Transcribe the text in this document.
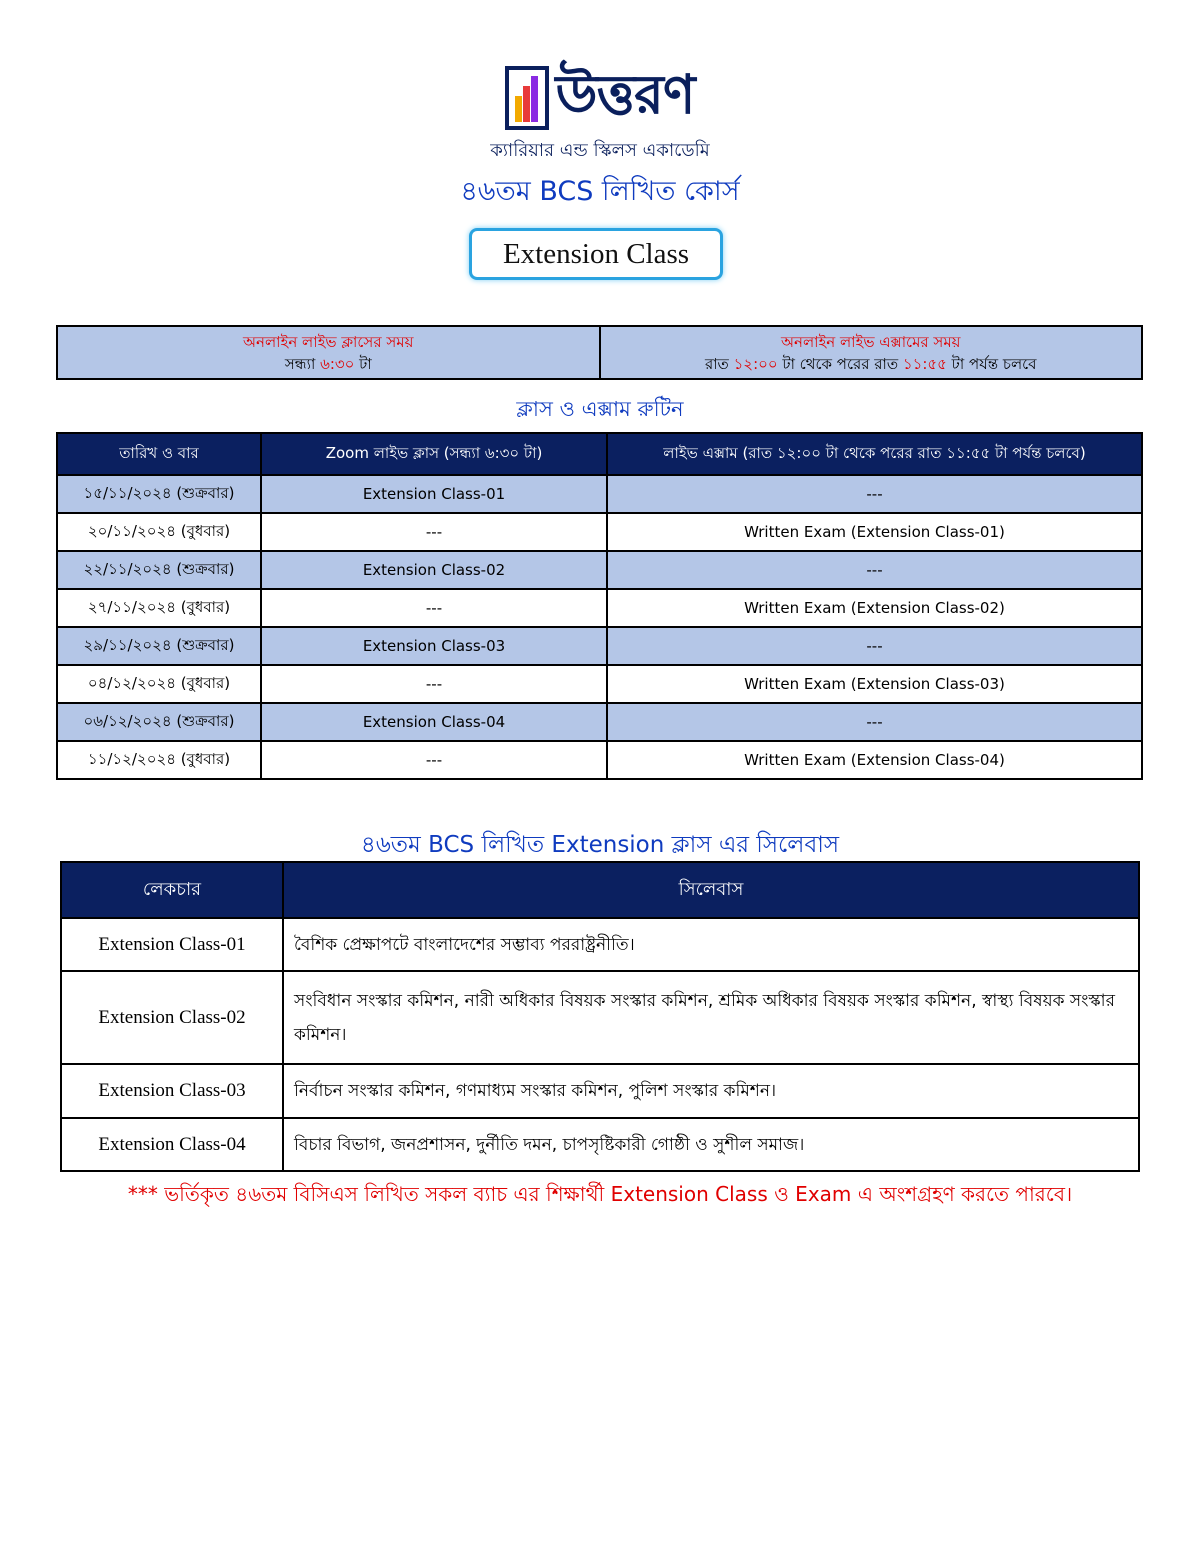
উত্তরণ
ক্যারিয়ার এন্ড স্কিলস একাডেমি
৪৬তম BCS লিখিত কোর্স
Extension Class
অনলাইন লাইভ ক্লাসের সময়
সন্ধ্যা ৬:৩০ টা
অনলাইন লাইভ এক্সামের সময়
রাত ১২:০০ টা থেকে পরের রাত ১১:৫৫ টা পর্যন্ত চলবে
ক্লাস ও এক্সাম রুটিন
তারিখ ও বার	Zoom লাইভ ক্লাস (সন্ধ্যা ৬:৩০ টা)	লাইভ এক্সাম (রাত ১২:০০ টা থেকে পরের রাত ১১:৫৫ টা পর্যন্ত চলবে)
১৫/১১/২০২৪ (শুক্রবার)	Extension Class-01	---
২০/১১/২০২৪ (বুধবার)	---	Written Exam (Extension Class-01)
২২/১১/২০২৪ (শুক্রবার)	Extension Class-02	---
২৭/১১/২০২৪ (বুধবার)	---	Written Exam (Extension Class-02)
২৯/১১/২০২৪ (শুক্রবার)	Extension Class-03	---
০৪/১২/২০২৪ (বুধবার)	---	Written Exam (Extension Class-03)
০৬/১২/২০২৪ (শুক্রবার)	Extension Class-04	---
১১/১২/২০২৪ (বুধবার)	---	Written Exam (Extension Class-04)
৪৬তম BCS লিখিত Extension ক্লাস এর সিলেবাস
লেকচার	সিলেবাস
Extension Class-01	বৈশিক প্রেক্ষাপটে বাংলাদেশের সম্ভাব্য পররাষ্ট্রনীতি।
Extension Class-02	সংবিধান সংস্কার কমিশন, নারী অধিকার বিষয়ক সংস্কার কমিশন, শ্রমিক অধিকার বিষয়ক সংস্কার কমিশন, স্বাস্থ্য বিষয়ক সংস্কার কমিশন।
Extension Class-03	নির্বাচন সংস্কার কমিশন, গণমাধ্যম সংস্কার কমিশন, পুলিশ সংস্কার কমিশন।
Extension Class-04	বিচার বিভাগ, জনপ্রশাসন, দুর্নীতি দমন, চাপসৃষ্টিকারী গোষ্ঠী ও সুশীল সমাজ।
*** ভর্তিকৃত ৪৬তম বিসিএস লিখিত সকল ব্যাচ এর শিক্ষার্থী Extension Class ও Exam এ অংশগ্রহণ করতে পারবে।
